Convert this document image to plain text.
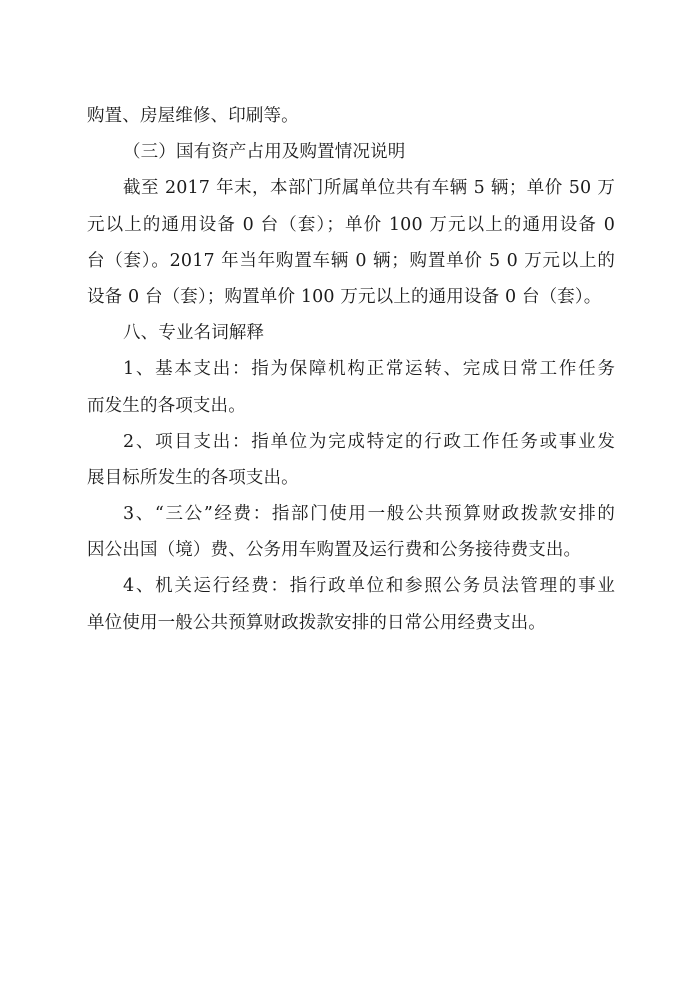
购置、房屋维修、印刷等。
（三）国有资产占用及购置情况说明
截至 2017 年末，本部门所属单位共有车辆 5 辆；单价 50 万
元以上的通用设备 0 台（套）；单价 100 万元以上的通用设备 0
台（套）。2017 年当年购置车辆 0 辆；购置单价 5 0 万元以上的
设备 0 台（套）；购置单价 100 万元以上的通用设备 0 台（套）。
八、专业名词解释
1、基本支出：指为保障机构正常运转、完成日常工作任务
而发生的各项支出。
2、项目支出：指单位为完成特定的行政工作任务或事业发
展目标所发生的各项支出。
3、“三公”经费：指部门使用一般公共预算财政拨款安排的
因公出国（境）费、公务用车购置及运行费和公务接待费支出。
4、机关运行经费：指行政单位和参照公务员法管理的事业
单位使用一般公共预算财政拨款安排的日常公用经费支出。
